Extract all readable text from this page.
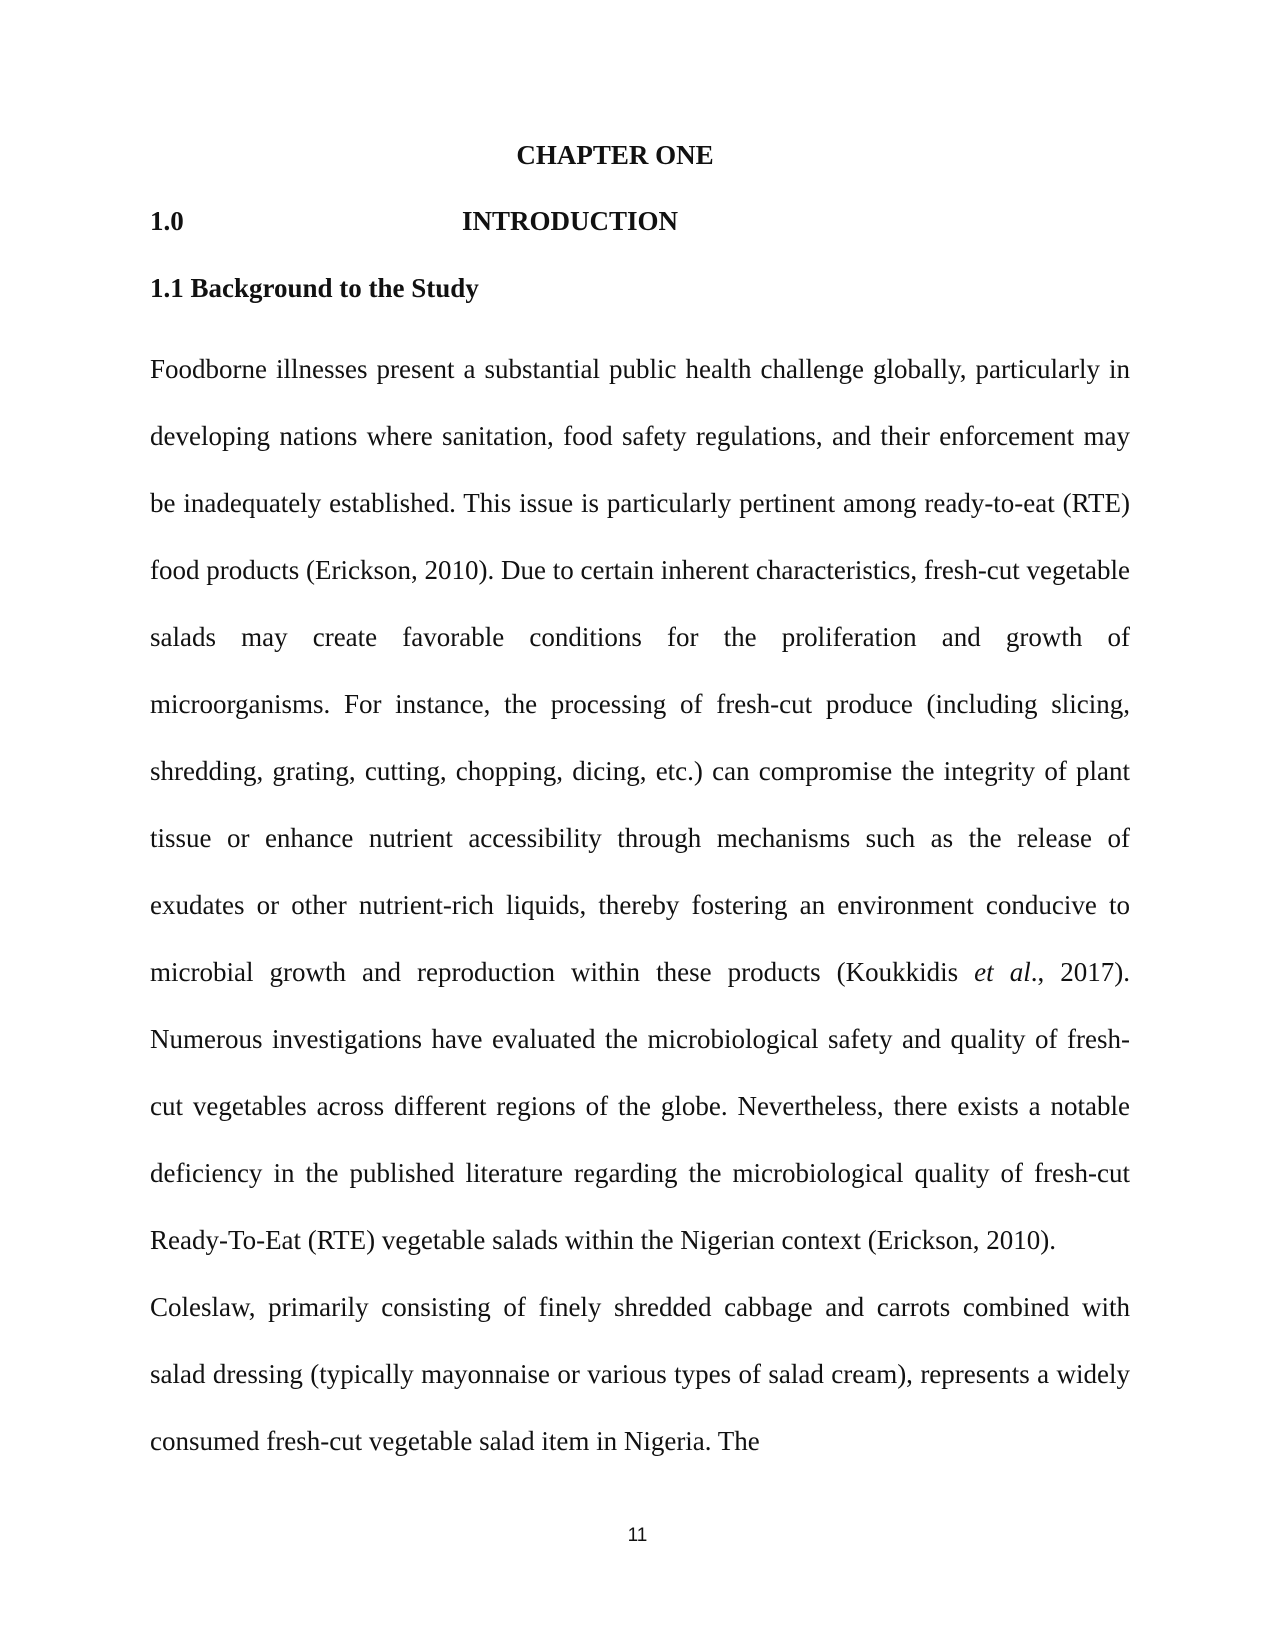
CHAPTER ONE
1.0	INTRODUCTION
1.1 Background to the Study

Foodborne illnesses present a substantial public health challenge globally, particularly in developing nations where sanitation, food safety regulations, and their enforcement may be inadequately established. This issue is particularly pertinent among ready-to-eat (RTE) food products (Erickson, 2010). Due to certain inherent characteristics, fresh-cut vegetable salads may create favorable conditions for the proliferation and growth of microorganisms. For instance, the processing of fresh-cut produce (including slicing, shredding, grating, cutting, chopping, dicing, etc.) can compromise the integrity of plant tissue or enhance nutrient accessibility through mechanisms such as the release of exudates or other nutrient-rich liquids, thereby fostering an environment conducive to microbial growth and reproduction within these products (Koukkidis et al., 2017). Numerous investigations have evaluated the microbiological safety and quality of fresh-cut vegetables across different regions of the globe. Nevertheless, there exists a notable deficiency in the published literature regarding the microbiological quality of fresh-cut Ready-To-Eat (RTE) vegetable salads within the Nigerian context (Erickson, 2010).

Coleslaw, primarily consisting of finely shredded cabbage and carrots combined with salad dressing (typically mayonnaise or various types of salad cream), represents a widely consumed fresh-cut vegetable salad item in Nigeria. The

11
